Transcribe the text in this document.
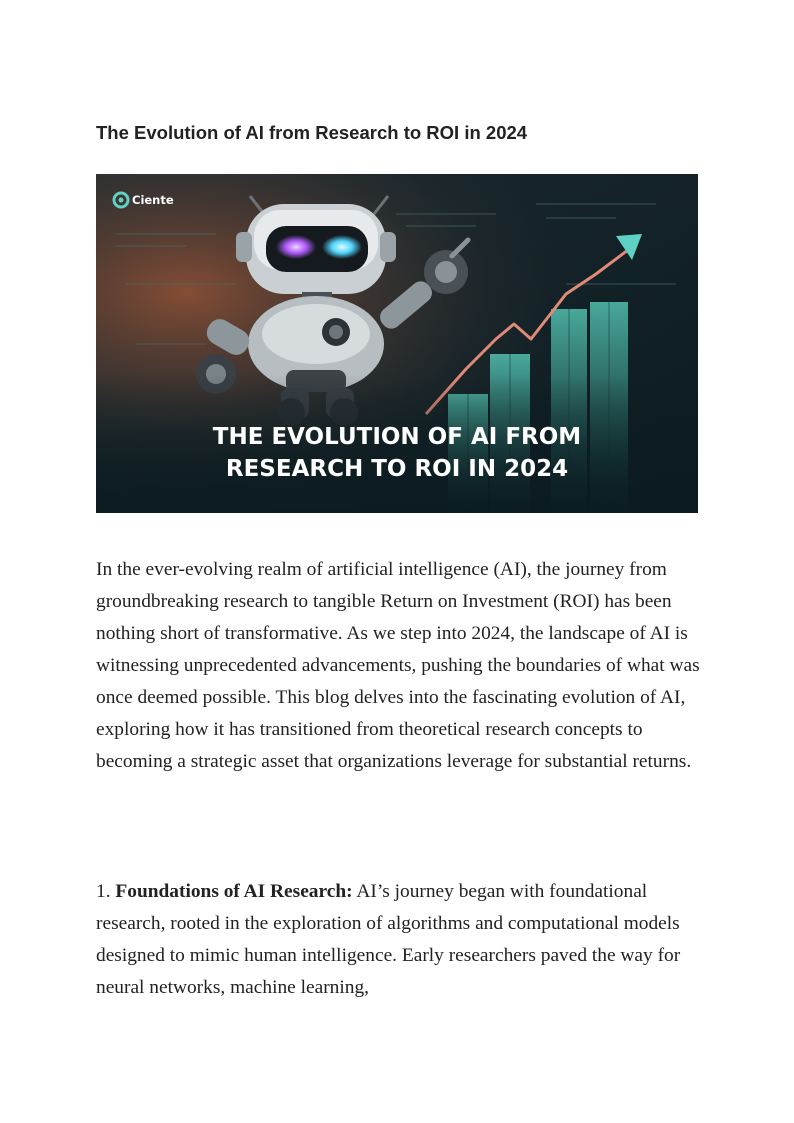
The Evolution of AI from Research to ROI in 2024
Ciente
THE EVOLUTION OF AI FROM
RESEARCH TO ROI IN 2024

In the ever-evolving realm of artificial intelligence (AI), the journey from groundbreaking research to tangible Return on Investment (ROI) has been nothing short of transformative. As we step into 2024, the landscape of AI is witnessing unprecedented advancements, pushing the boundaries of what was once deemed possible. This blog delves into the fascinating evolution of AI, exploring how it has transitioned from theoretical research concepts to becoming a strategic asset that organizations leverage for substantial returns.

1. Foundations of AI Research: AI’s journey began with foundational research, rooted in the exploration of algorithms and computational models designed to mimic human intelligence. Early researchers paved the way for neural networks, machine learning,
